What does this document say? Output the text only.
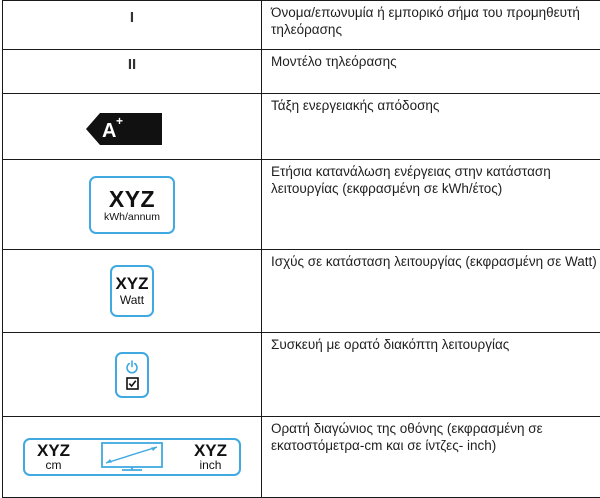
I	Όνομα/επωνυμία ή εμπορικό σήμα του προμηθευτή τηλεόρασης

II	Μοντέλο τηλεόρασης

A +	Τάξη ενεργειακής απόδοσης

XYZ
kWh/annum	Ετήσια κατανάλωση ενέργειας στην κατάσταση λειτουργίας (εκφρασμένη σε kWh/έτος)

XYZ
Watt	Ισχύς σε κατάσταση λειτουργίας (εκφρασμένη σε Watt)

	Συσκευή με ορατό διακόπτη λειτουργίας

XYZ
cm
XYZ
inch	Ορατή διαγώνιος της οθόνης (εκφρασμένη σε εκατοστόμετρα-cm και σε ίντζες- inch)
